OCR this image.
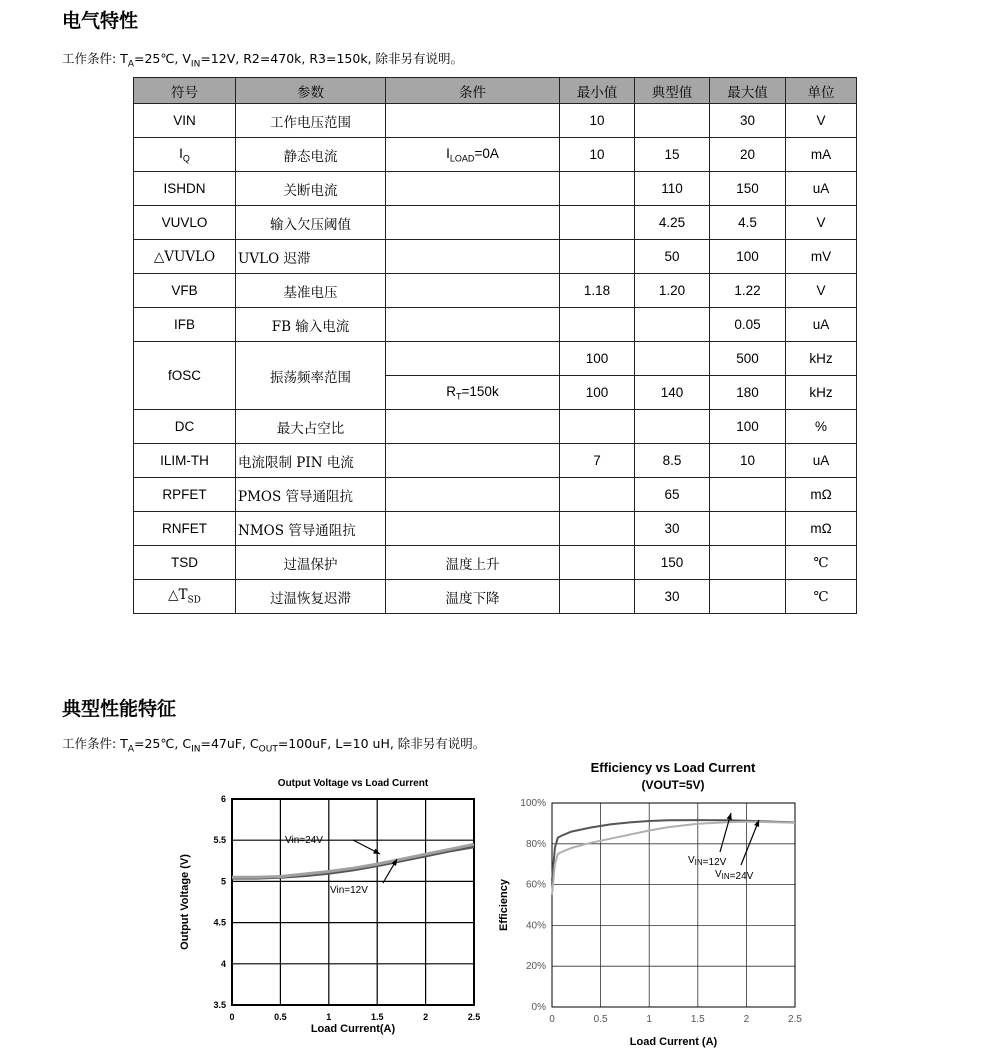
电气特性
工作条件: $T_A=25℃$, $V_{IN}=12V$, R2=470k, R3=150k, 除非另有说明。
符号	参数	条件	最小值	典型值	最大值	单位
VIN	工作电压范围		10		30	V
$I_Q$	静态电流	$I_{LOAD}=0A$	10	15	20	mA
ISHDN	关断电流			110	150	uA
VUVLO	输入欠压阈值			4.25	4.5	V
△VUVLO	UVLO 迟滞			50	100	mV
VFB	基准电压		1.18	1.20	1.22	V
IFB	FB 输入电流				0.05	uA
fOSC	振荡频率范围		100		500	kHz
		$R_T=150k$	100	140	180	kHz
DC	最大占空比				100	%
ILIM-TH	电流限制 PIN 电流		7	8.5	10	uA
RPFET	PMOS 管导通阻抗			65		mΩ
RNFET	NMOS 管导通阻抗			30		mΩ
TSD	过温保护	温度上升		150		℃
$\triangle T_{SD}$	过温恢复迟滞	温度下降		30		℃
典型性能特征
工作条件: $T_A=25℃$, $C_{IN}=47uF$, $C_{OUT}=100uF$, L=10 uH, 除非另有说明。
Output Voltage vs Load Current
3.5
4
4.5
5
5.5
6
0	0.5	1	1.5	2	2.5
Load Current(A)
Output Voltage (V)
Vin=24V
Vin=12V
Efficiency vs Load Current
(VOUT=5V)
0%
20%
40%
60%
80%
100%
0	0.5	1	1.5	2	2.5
Load Current (A)
Efficiency
$V_{IN}=12V$
$V_{IN}=24V$
